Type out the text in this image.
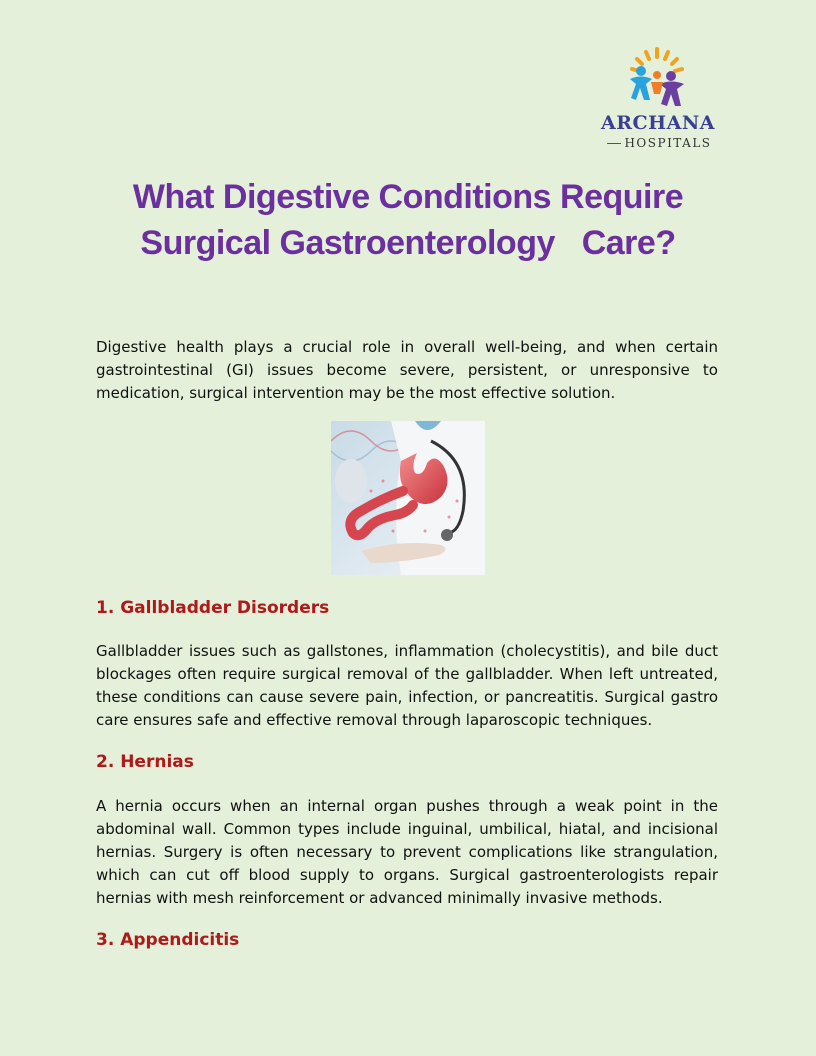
ARCHANA
HOSPITALS
What Digestive Conditions Require
Surgical Gastroenterology   Care?

Digestive health plays a crucial role in overall well-being, and when certain gastrointestinal (GI) issues become severe, persistent, or unresponsive to medication, surgical intervention may be the most effective solution.

1. Gallbladder Disorders

Gallbladder issues such as gallstones, inflammation (cholecystitis), and bile duct blockages often require surgical removal of the gallbladder. When left untreated, these conditions can cause severe pain, infection, or pancreatitis. Surgical gastro care ensures safe and effective removal through laparoscopic techniques.

2. Hernias

A hernia occurs when an internal organ pushes through a weak point in the abdominal wall. Common types include inguinal, umbilical, hiatal, and incisional hernias. Surgery is often necessary to prevent complications like strangulation, which can cut off blood supply to organs. Surgical gastroenterologists repair hernias with mesh reinforcement or advanced minimally invasive methods.

3. Appendicitis
